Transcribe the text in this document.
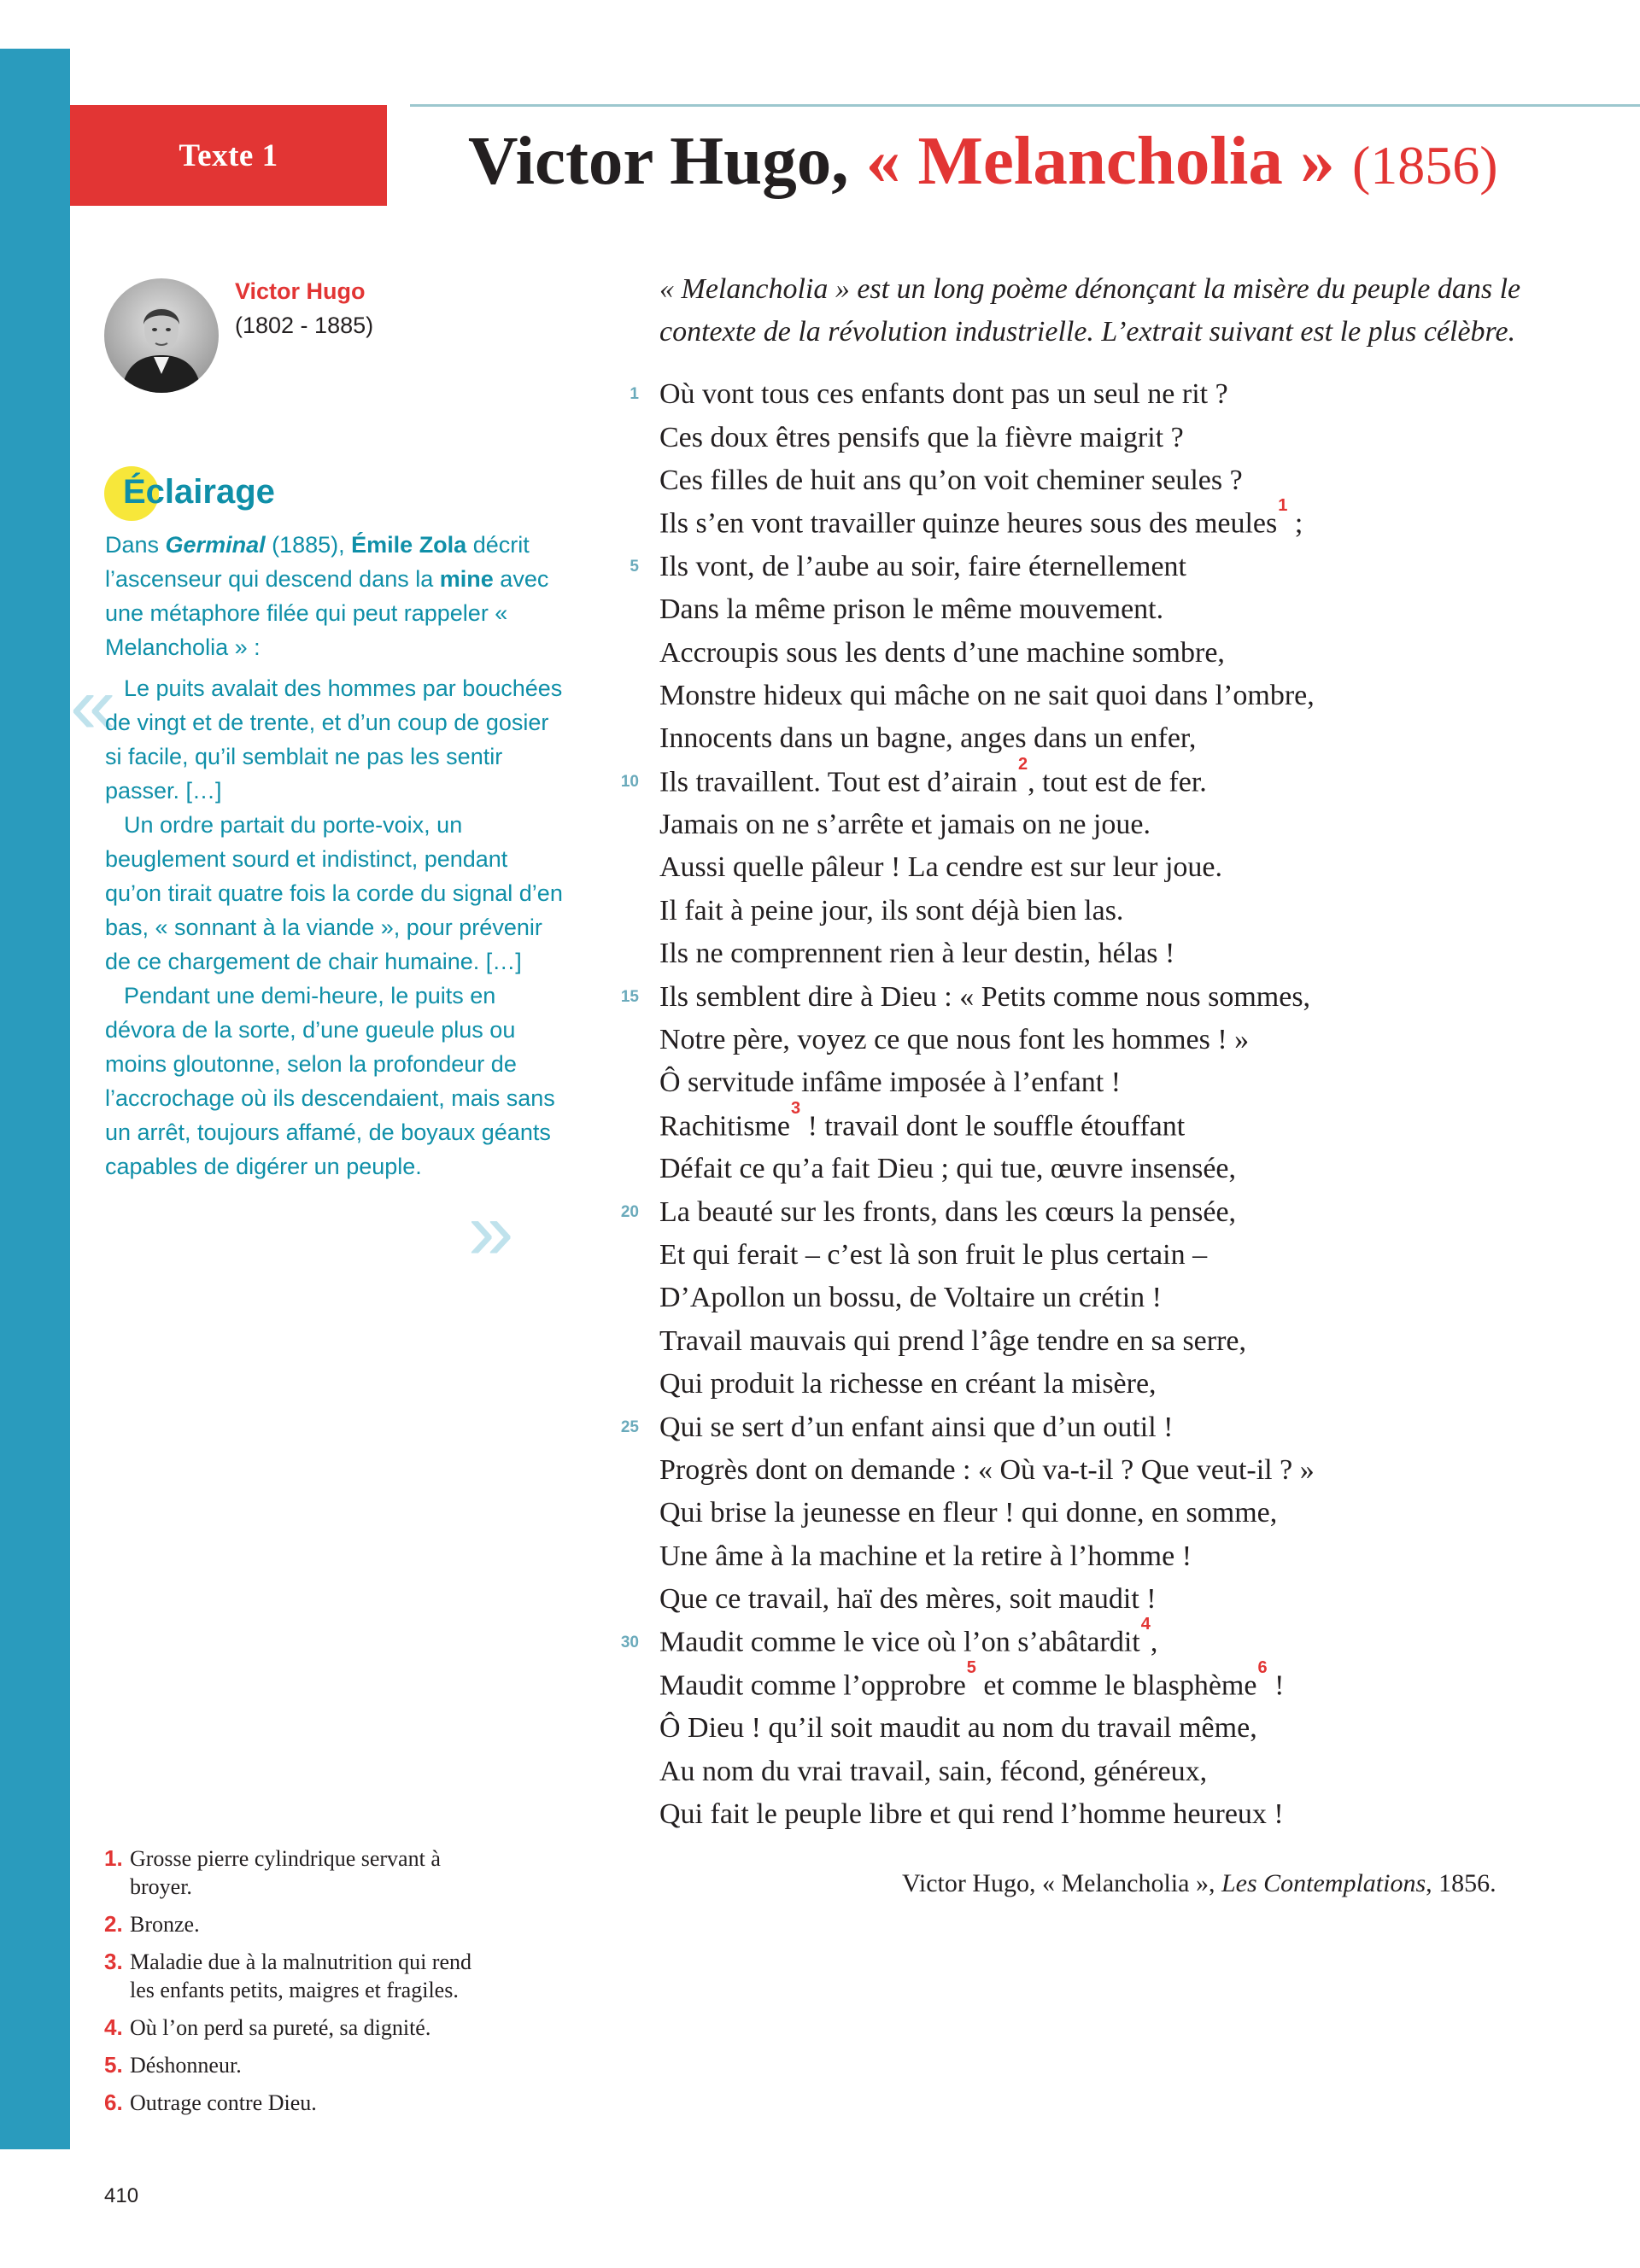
Texte 1	Victor Hugo, « Melancholia » (1856)
Victor Hugo
(1802 - 1885)
Éclairage

Dans Germinal (1885), Émile Zola décrit l’ascenseur qui descend dans la mine avec une métaphore filée qui peut rappeler « Melancholia » :

« Le puits avalait des hommes par bouchées de vingt et de trente, et d’un coup de gosier si facile, qu’il semblait ne pas les sentir passer. […]

Un ordre partait du porte-voix, un beuglement sourd et indistinct, pendant qu’on tirait quatre fois la corde du signal d’en bas, « sonnant à la viande », pour prévenir de ce chargement de chair humaine. […]

Pendant une demi-heure, le puits en dévora de la sorte, d’une gueule plus ou moins gloutonne, selon la profondeur de l’accrochage où ils descendaient, mais sans un arrêt, toujours affamé, de boyaux géants capables de digérer un peuple.

»

« Melancholia » est un long poème dénonçant la misère du peuple dans le contexte de la révolution industrielle. L’extrait suivant est le plus célèbre.

1 Où vont tous ces enfants dont pas un seul ne rit ?
Ces doux êtres pensifs que la fièvre maigrit ?
Ces filles de huit ans qu’on voit cheminer seules ?
Ils s’en vont travailler quinze heures sous des meules$^1$ ;
5 Ils vont, de l’aube au soir, faire éternellement
Dans la même prison le même mouvement.
Accroupis sous les dents d’une machine sombre,
Monstre hideux qui mâche on ne sait quoi dans l’ombre,
Innocents dans un bagne, anges dans un enfer,
10 Ils travaillent. Tout est d’airain$^2$, tout est de fer.
Jamais on ne s’arrête et jamais on ne joue.
Aussi quelle pâleur ! La cendre est sur leur joue.
Il fait à peine jour, ils sont déjà bien las.
Ils ne comprennent rien à leur destin, hélas !
15 Ils semblent dire à Dieu : « Petits comme nous sommes,
Notre père, voyez ce que nous font les hommes ! »
Ô servitude infâme imposée à l’enfant !
Rachitisme$^3$ ! travail dont le souffle étouffant
Défait ce qu’a fait Dieu ; qui tue, œuvre insensée,
20 La beauté sur les fronts, dans les cœurs la pensée,
Et qui ferait – c’est là son fruit le plus certain –
D’Apollon un bossu, de Voltaire un crétin !
Travail mauvais qui prend l’âge tendre en sa serre,
Qui produit la richesse en créant la misère,
25 Qui se sert d’un enfant ainsi que d’un outil !
Progrès dont on demande : « Où va-t-il ? Que veut-il ? »
Qui brise la jeunesse en fleur ! qui donne, en somme,
Une âme à la machine et la retire à l’homme !
Que ce travail, haï des mères, soit maudit !
30 Maudit comme le vice où l’on s’abâtardit$^4$,
Maudit comme l’opprobre$^5$ et comme le blasphème$^6$ !
Ô Dieu ! qu’il soit maudit au nom du travail même,
Au nom du vrai travail, sain, fécond, généreux,
Qui fait le peuple libre et qui rend l’homme heureux !
Victor Hugo, « Melancholia », Les Contemplations, 1856.
1. Grosse pierre cylindrique servant à broyer.
2. Bronze.
3. Maladie due à la malnutrition qui rend les enfants petits, maigres et fragiles.
4. Où l’on perd sa pureté, sa dignité.
5. Déshonneur.
6. Outrage contre Dieu.
410
